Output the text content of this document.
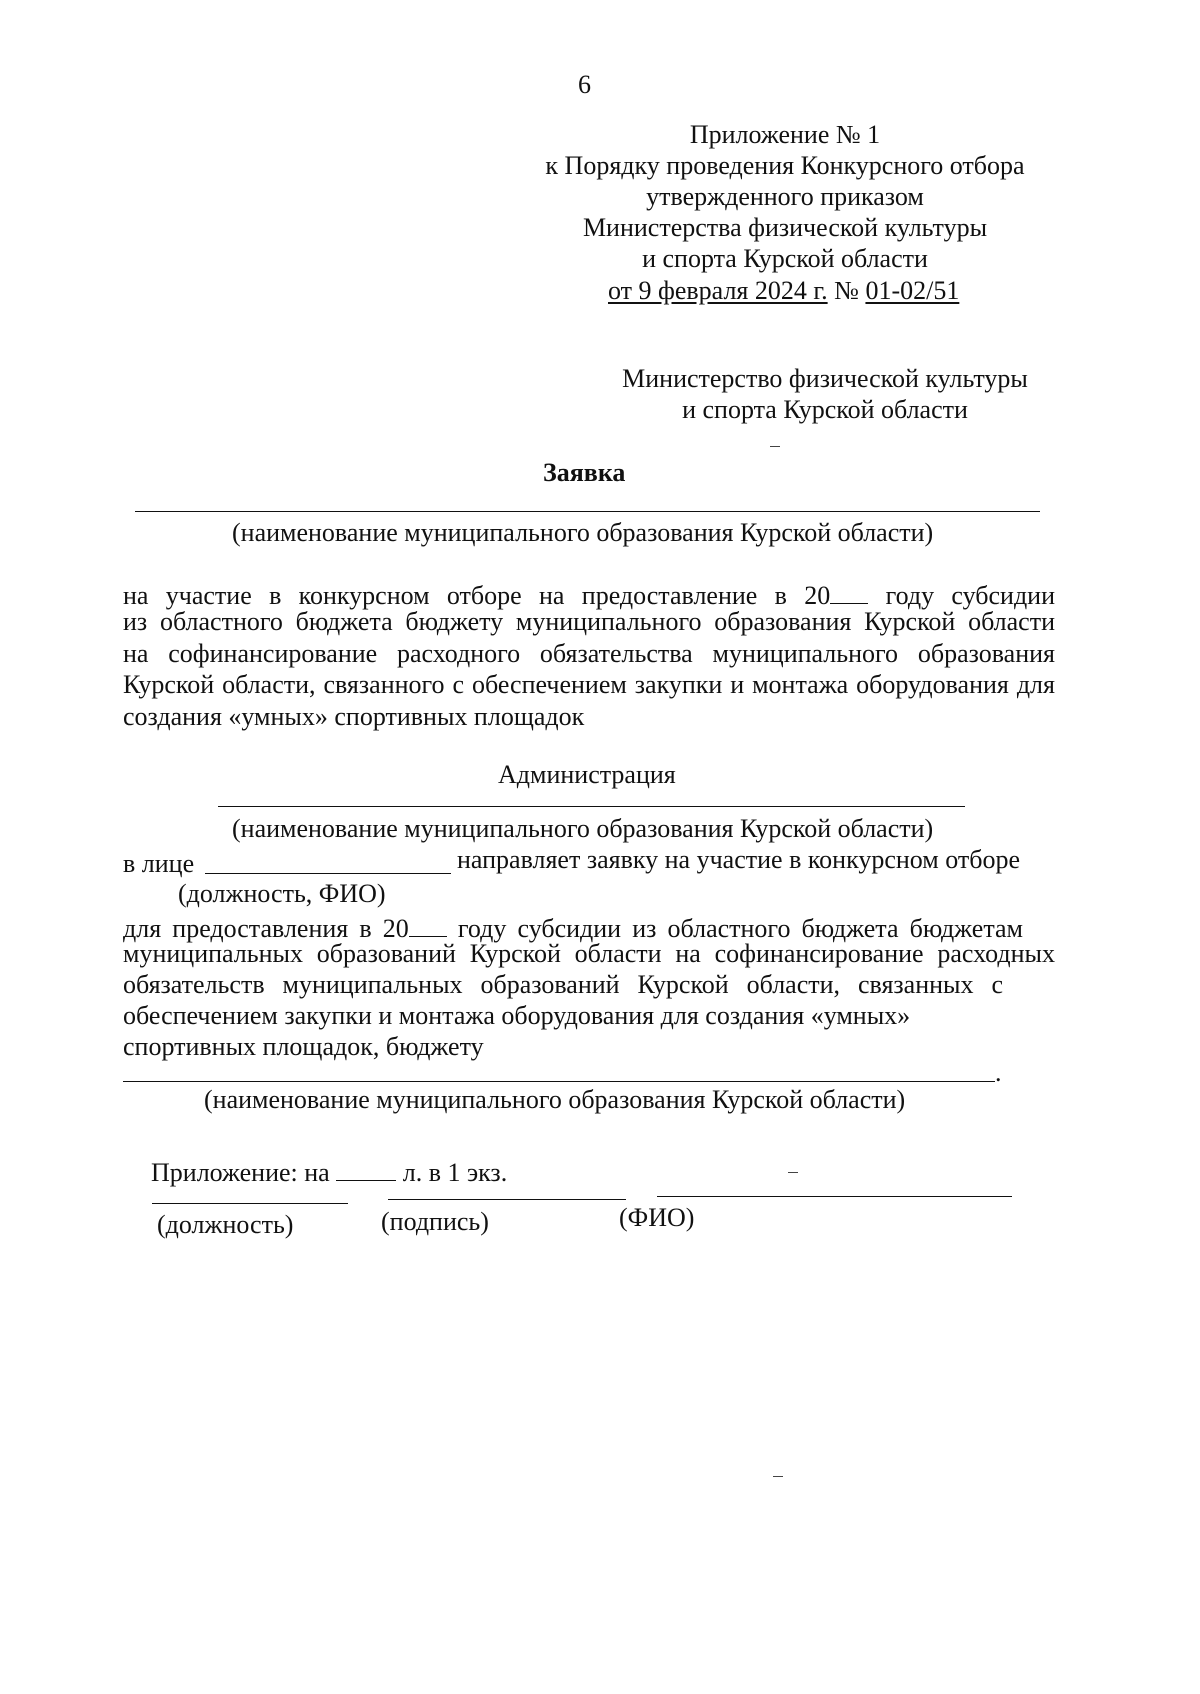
6
Приложение № 1
к Порядку проведения Конкурсного отбора
утвержденного приказом
Министерства физической культуры
и спорта Курской области
от 9 февраля 2024 г. № 01-02/51
Министерство физической культуры
и спорта Курской области
Заявка
(наименование муниципального образования Курской области)
на участие в конкурсном отборе на предоставление в 20 году субсидии
из областного бюджета бюджету муниципального образования Курской области
на софинансирование расходного обязательства муниципального образования
Курской области, связанного с обеспечением закупки и монтажа оборудования для
создания «умных» спортивных площадок
Администрация
(наименование муниципального образования Курской области)
в лице	направляет заявку на участие в конкурсном отборе
(должность, ФИО)
для предоставления в 20 году субсидии из областного бюджета бюджетам
муниципальных образований Курской области на софинансирование расходных
обязательств муниципальных образований Курской области, связанных с
обеспечением закупки и монтажа оборудования для создания «умных»
спортивных площадок, бюджету
.
(наименование муниципального образования Курской области)
Приложение: на	л. в 1 экз.
(должность)	(подпись)	(ФИО)
